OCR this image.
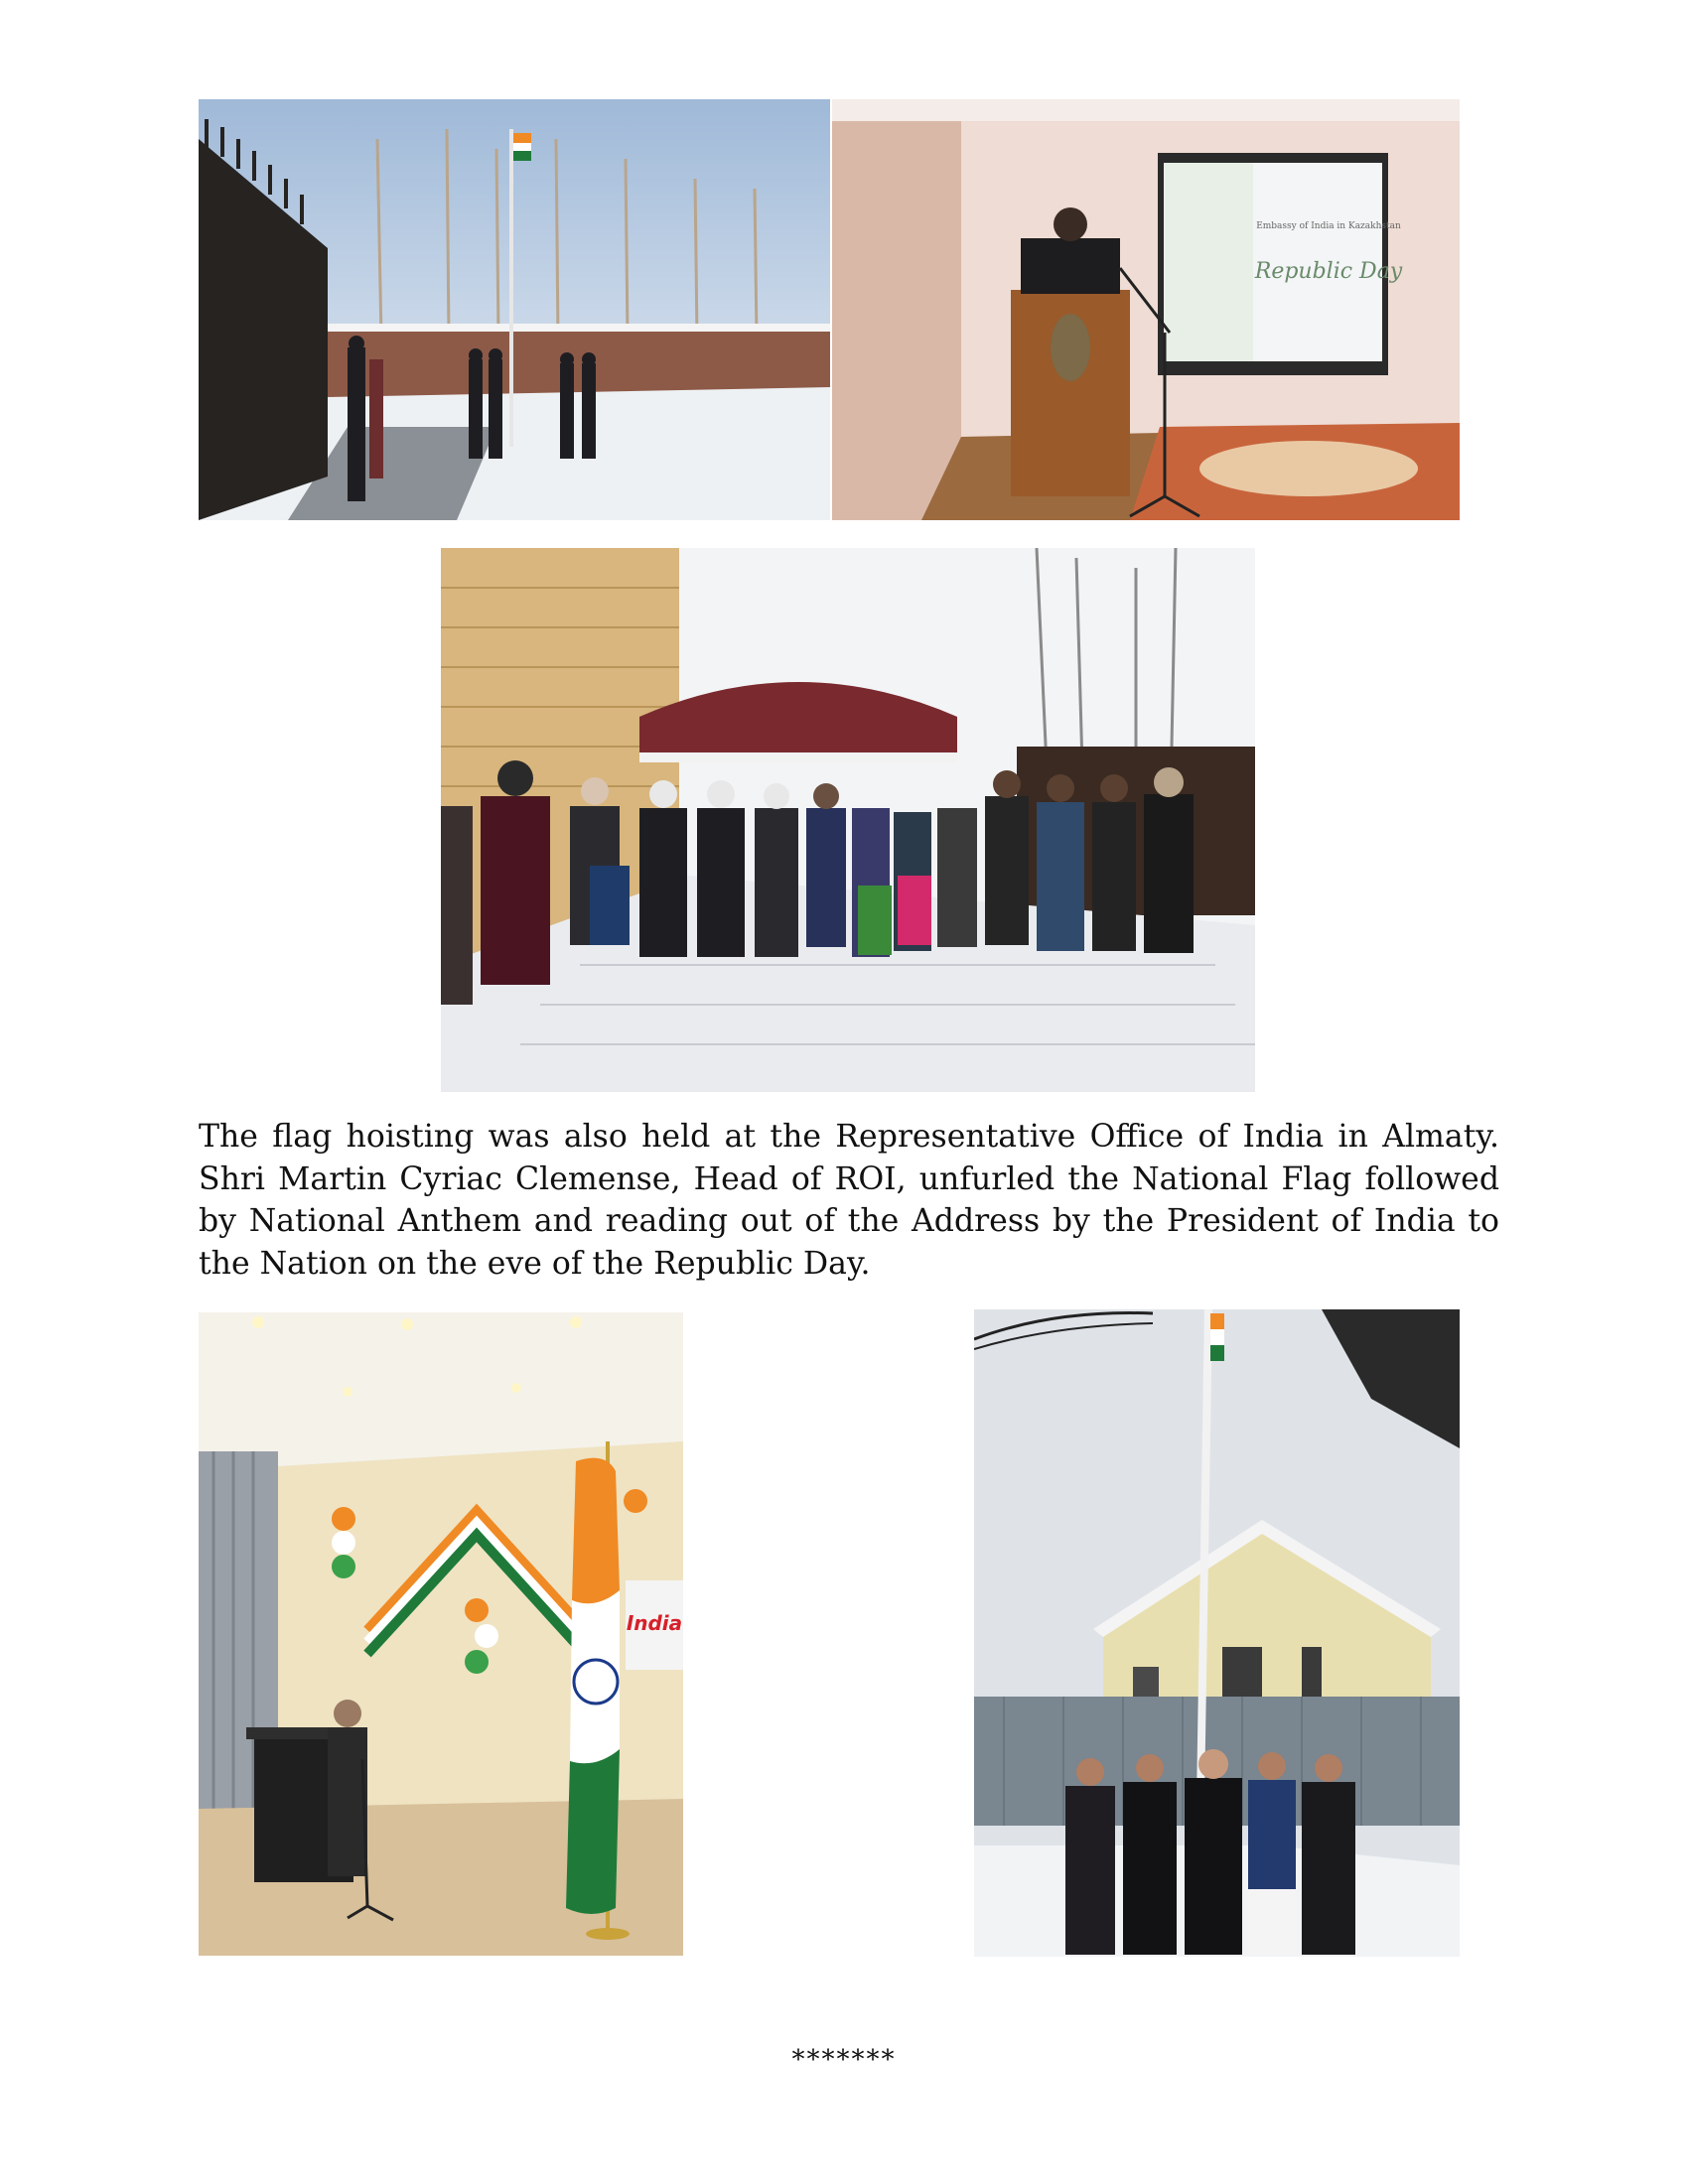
Embassy of India in Kazakhstan
Republic Day

The flag hoisting was also held at the Representative Office of India in Almaty. Shri Martin Cyriac Clemense, Head of ROI, unfurled the National Flag followed by National Anthem and reading out of the Address by the President of India to the Nation on the eve of the Republic Day.

India
*******
